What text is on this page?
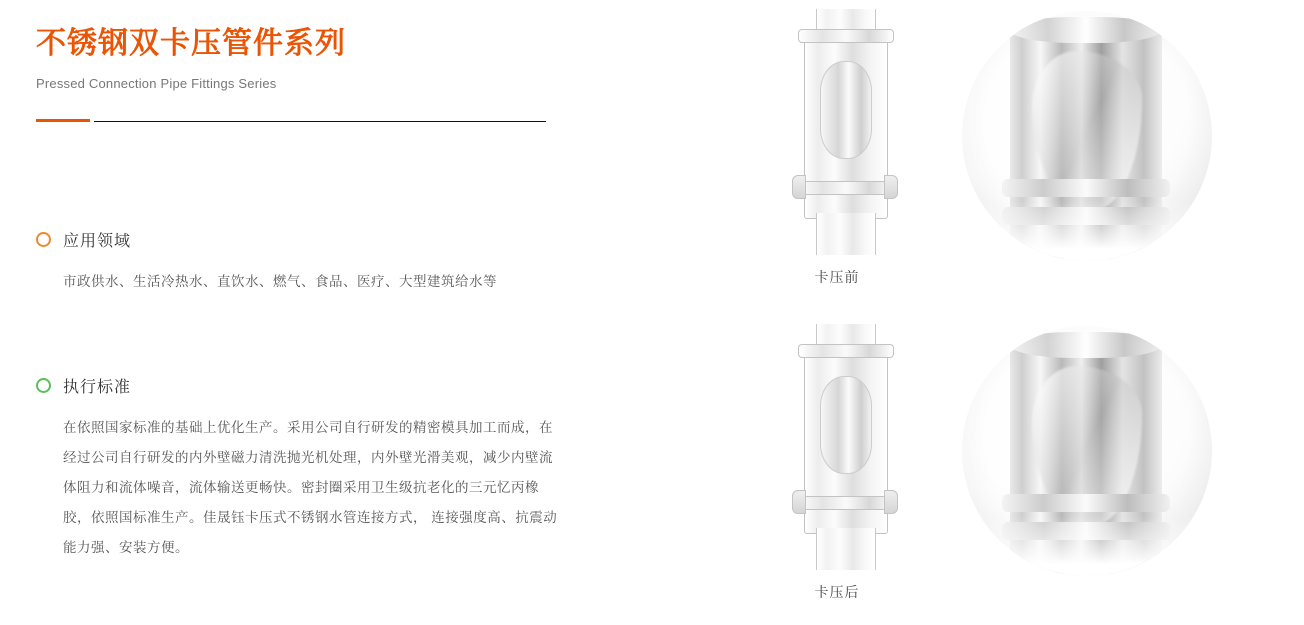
不锈钢双卡压管件系列
Pressed Connection Pipe Fittings Series
应用领域
市政供水、生活冷热水、直饮水、燃气、食品、医疗、大型建筑给水等
执行标准
在依照国家标准的基础上优化生产。采用公司自行研发的精密模具加工而成，在经过公司自行研发的内外壁磁力清洗抛光机处理，内外壁光滑美观，减少内壁流体阻力和流体噪音，流体输送更畅快。密封圈采用卫生级抗老化的三元忆丙橡胶，依照国标准生产。佳晟钰卡压式不锈钢水管连接方式， 连接强度高、抗震动能力强、安装方便。
卡压前
卡压后
